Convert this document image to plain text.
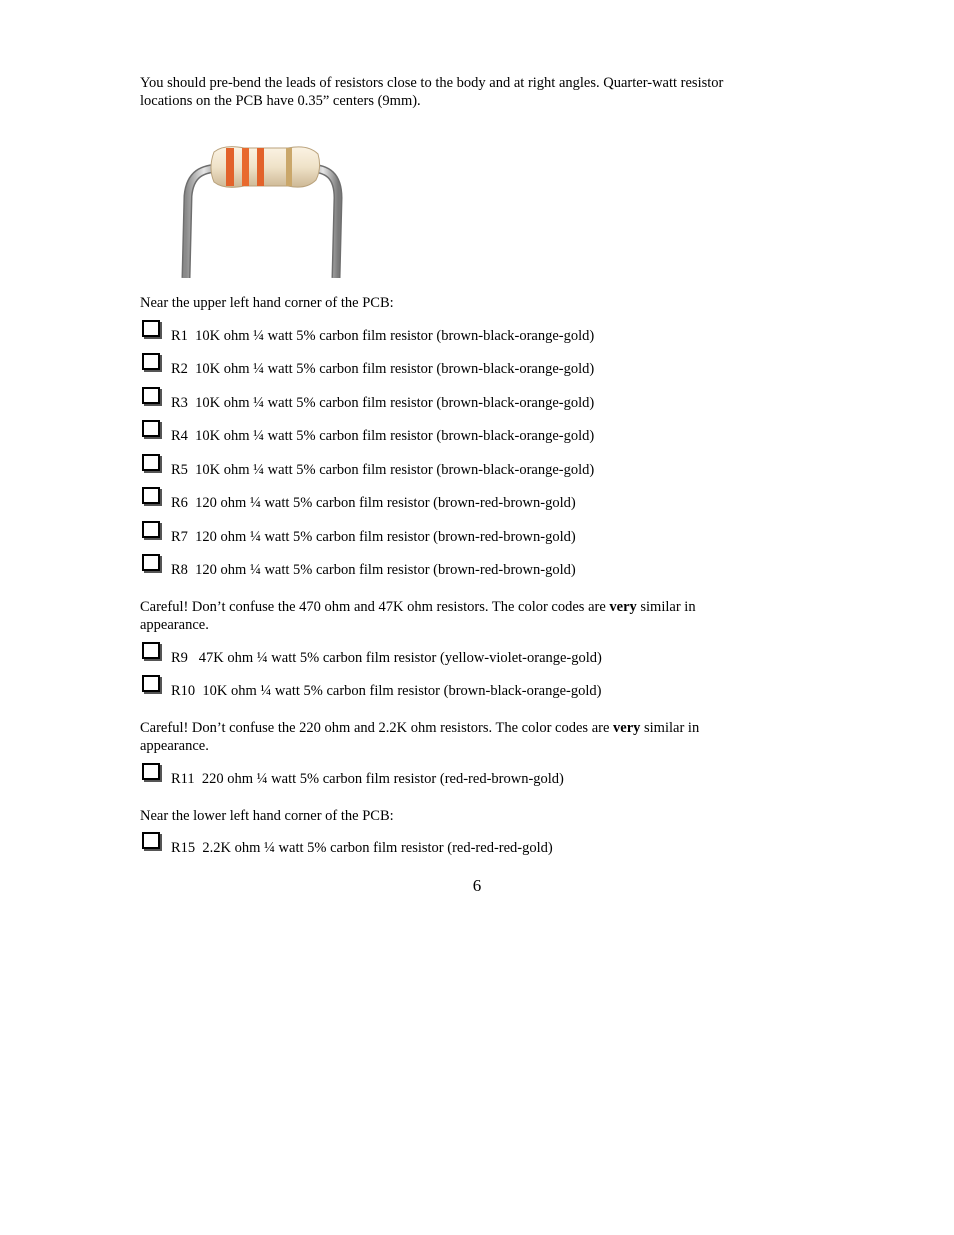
You should pre-bend the leads of resistors close to the body and at right angles. Quarter-watt resistor
locations on the PCB have 0.35” centers (9mm).

Near the upper left hand corner of the PCB:

R1  10K ohm ¼ watt 5% carbon film resistor (brown-black-orange-gold)
R2  10K ohm ¼ watt 5% carbon film resistor (brown-black-orange-gold)
R3  10K ohm ¼ watt 5% carbon film resistor (brown-black-orange-gold)
R4  10K ohm ¼ watt 5% carbon film resistor (brown-black-orange-gold)
R5  10K ohm ¼ watt 5% carbon film resistor (brown-black-orange-gold)
R6  120 ohm ¼ watt 5% carbon film resistor (brown-red-brown-gold)
R7  120 ohm ¼ watt 5% carbon film resistor (brown-red-brown-gold)
R8  120 ohm ¼ watt 5% carbon film resistor (brown-red-brown-gold)

Careful! Don’t confuse the 470 ohm and 47K ohm resistors. The color codes are very similar in
appearance.

R9   47K ohm ¼ watt 5% carbon film resistor (yellow-violet-orange-gold)
R10  10K ohm ¼ watt 5% carbon film resistor (brown-black-orange-gold)

Careful! Don’t confuse the 220 ohm and 2.2K ohm resistors. The color codes are very similar in
appearance.

R11  220 ohm ¼ watt 5% carbon film resistor (red-red-brown-gold)

Near the lower left hand corner of the PCB:

R15  2.2K ohm ¼ watt 5% carbon film resistor (red-red-red-gold)
6
